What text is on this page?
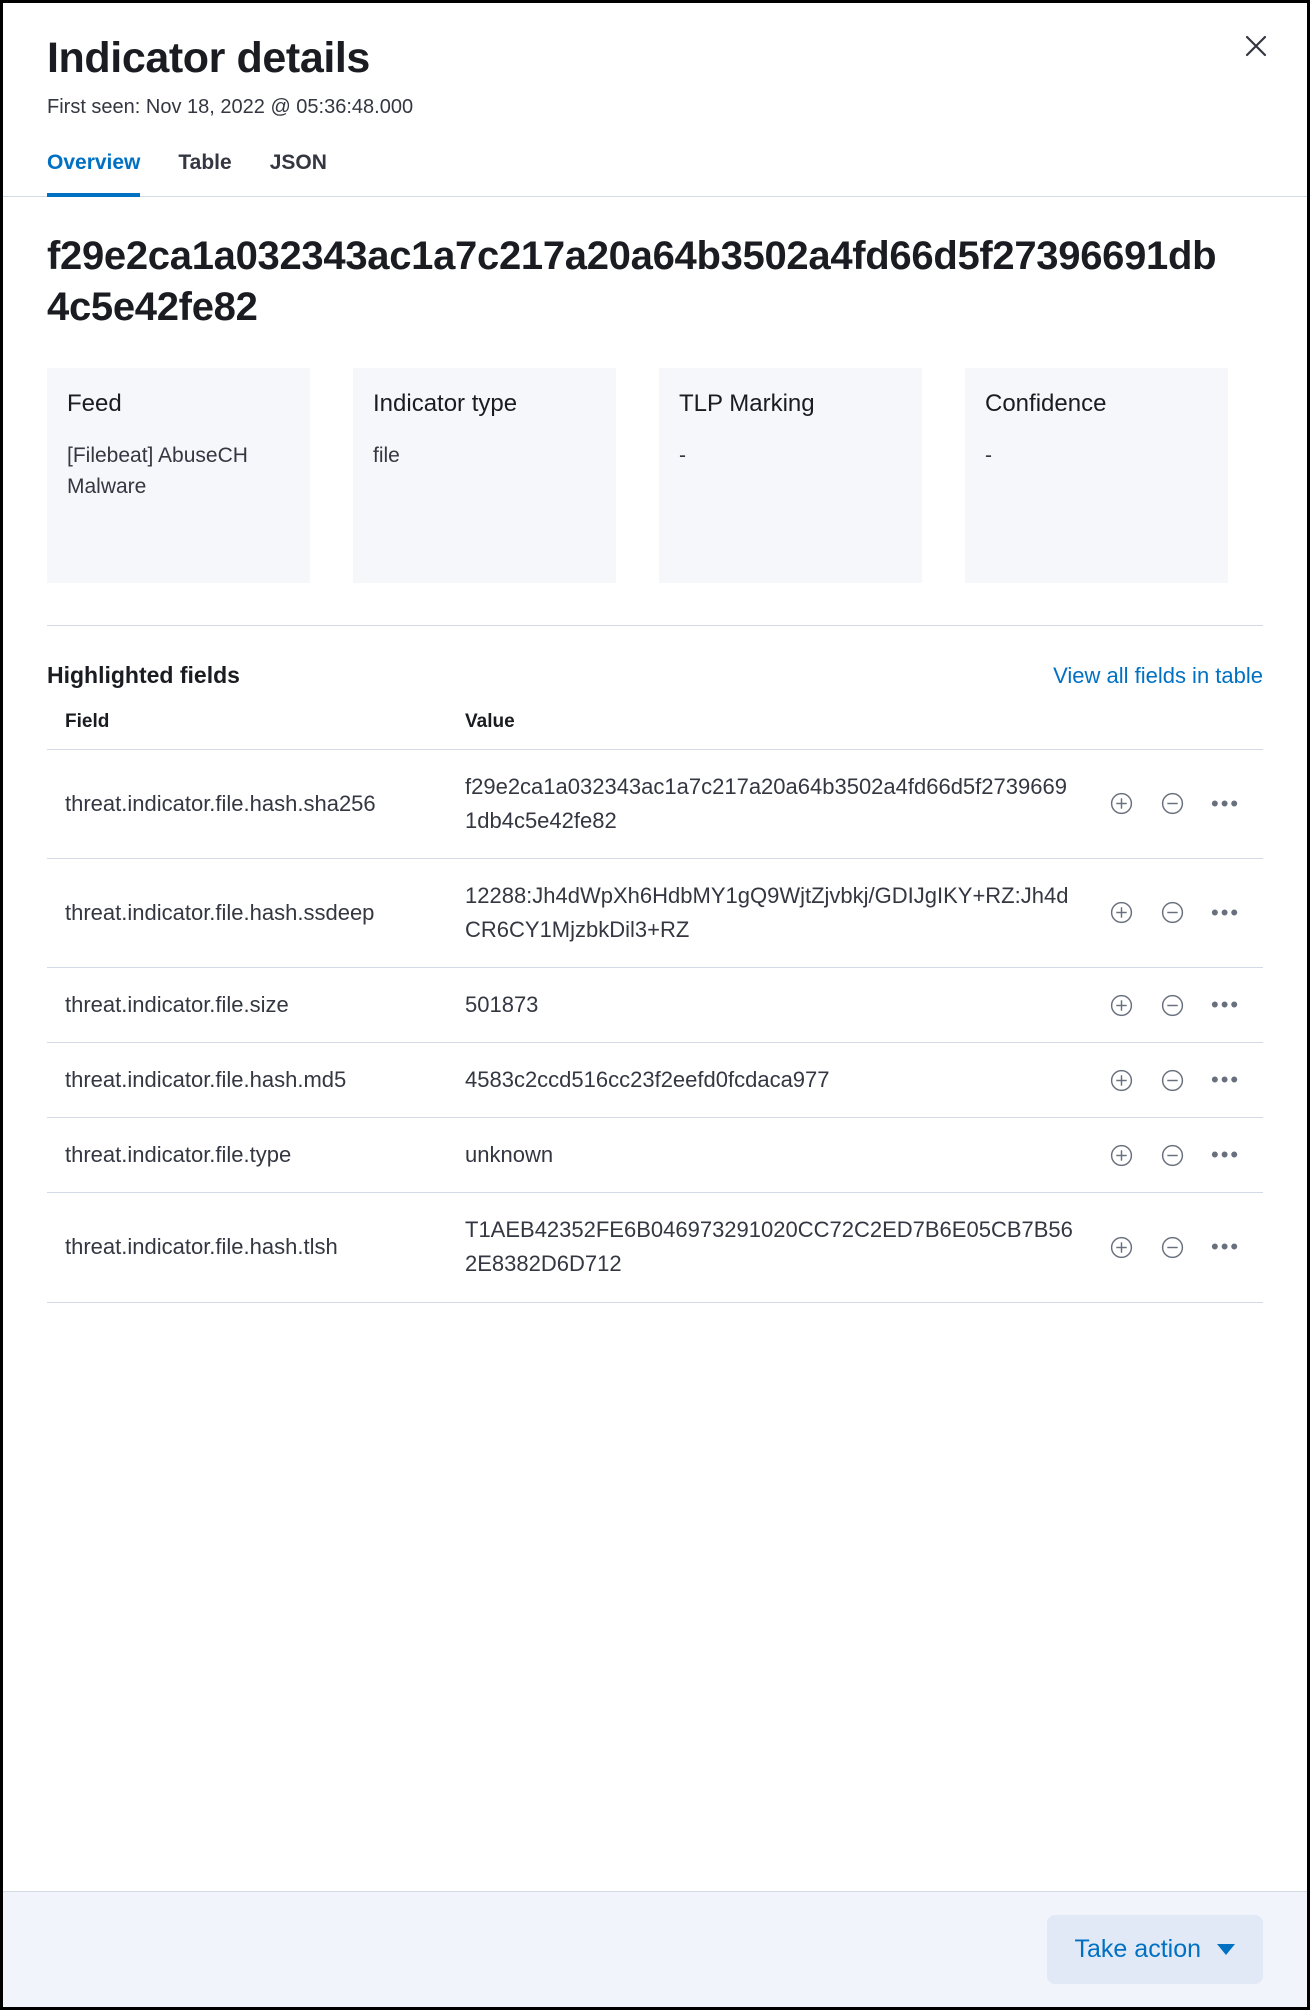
Indicator details
First seen: Nov 18, 2022 @ 05:36:48.000
Overview Table JSON
f29e2ca1a032343ac1a7c217a20a64b3502a4fd66d5f27396691db4c5e42fe82
Feed
[Filebeat] AbuseCH Malware
Indicator type
file
TLP Marking
-
Confidence
-
Highlighted fields	View all fields in table
Field	Value	
threat.indicator.file.hash.sha256	f29e2ca1a032343ac1a7c217a20a64b3502a4fd66d5f27396691db4c5e42fe82	•••

threat.indicator.file.hash.ssdeep	12288:Jh4dWpXh6HdbMY1gQ9WjtZjvbkj/GDIJgIKY+RZ:Jh4dCR6CY1MjzbkDil3+RZ	•••

threat.indicator.file.size	501873	•••

threat.indicator.file.hash.md5	4583c2ccd516cc23f2eefd0fcdaca977	•••

threat.indicator.file.type	unknown	•••

threat.indicator.file.hash.tlsh	T1AEB42352FE6B046973291020CC72C2ED7B6E05CB7B562E8382D6D712	•••
Take action
